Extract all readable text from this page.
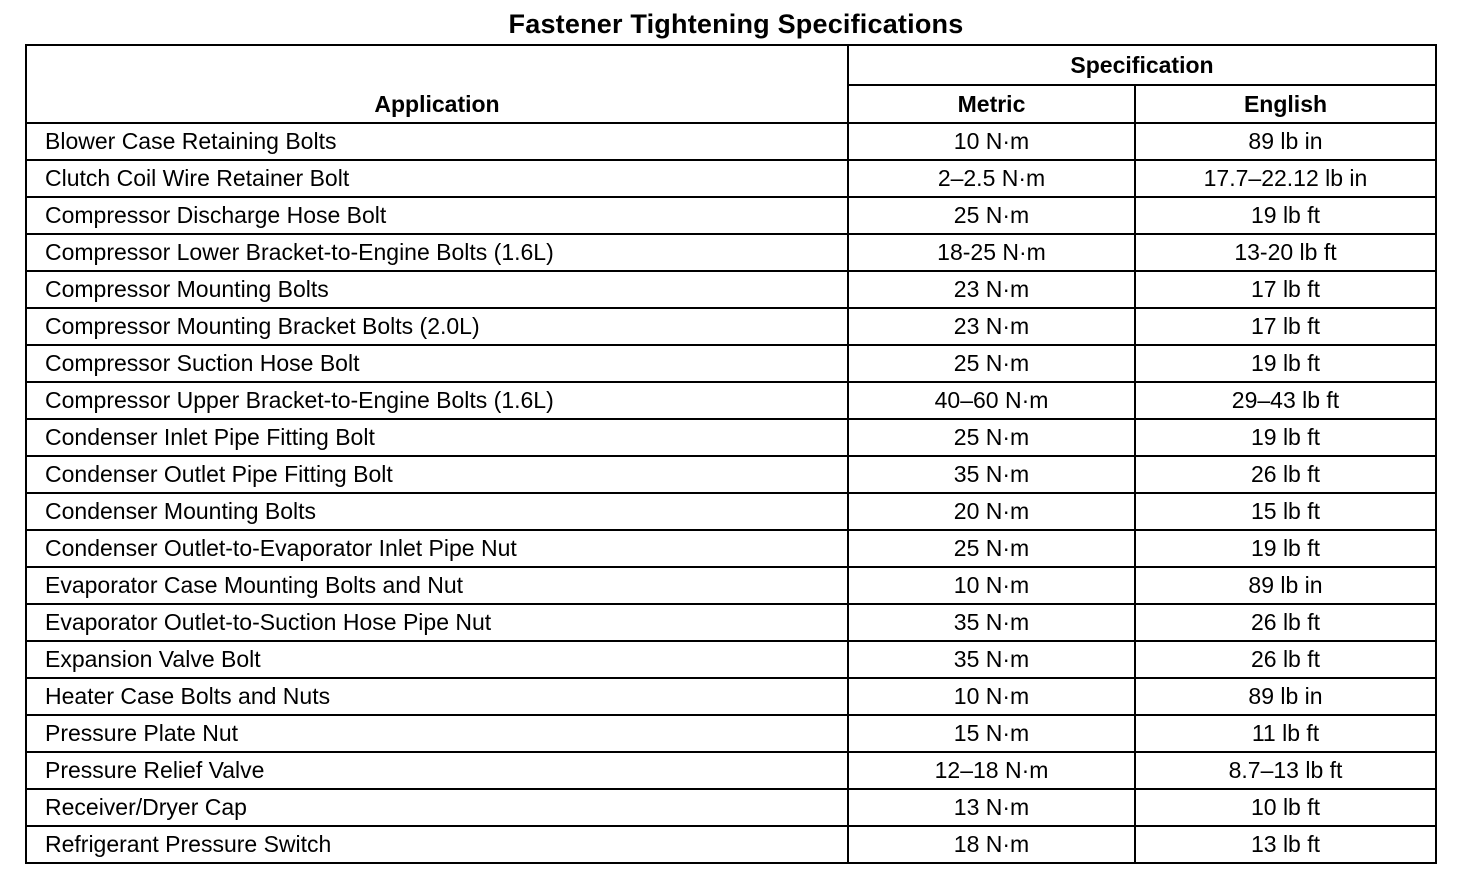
Fastener Tightening Specifications
Application	Specification	
	Metric	English
Blower Case Retaining Bolts	10 N·m	89 lb in
Clutch Coil Wire Retainer Bolt	2–2.5 N·m	17.7–22.12 lb in
Compressor Discharge Hose Bolt	25 N·m	19 lb ft
Compressor Lower Bracket-to-Engine Bolts (1.6L)	18-25 N·m	13-20 lb ft
Compressor Mounting Bolts	23 N·m	17 lb ft
Compressor Mounting Bracket Bolts (2.0L)	23 N·m	17 lb ft
Compressor Suction Hose Bolt	25 N·m	19 lb ft
Compressor Upper Bracket-to-Engine Bolts (1.6L)	40–60 N·m	29–43 lb ft
Condenser Inlet Pipe Fitting Bolt	25 N·m	19 lb ft
Condenser Outlet Pipe Fitting Bolt	35 N·m	26 lb ft
Condenser Mounting Bolts	20 N·m	15 lb ft
Condenser Outlet-to-Evaporator Inlet Pipe Nut	25 N·m	19 lb ft
Evaporator Case Mounting Bolts and Nut	10 N·m	89 lb in
Evaporator Outlet-to-Suction Hose Pipe Nut	35 N·m	26 lb ft
Expansion Valve Bolt	35 N·m	26 lb ft
Heater Case Bolts and Nuts	10 N·m	89 lb in
Pressure Plate Nut	15 N·m	11 lb ft
Pressure Relief Valve	12–18 N·m	8.7–13 lb ft
Receiver/Dryer Cap	13 N·m	10 lb ft
Refrigerant Pressure Switch	18 N·m	13 lb ft
